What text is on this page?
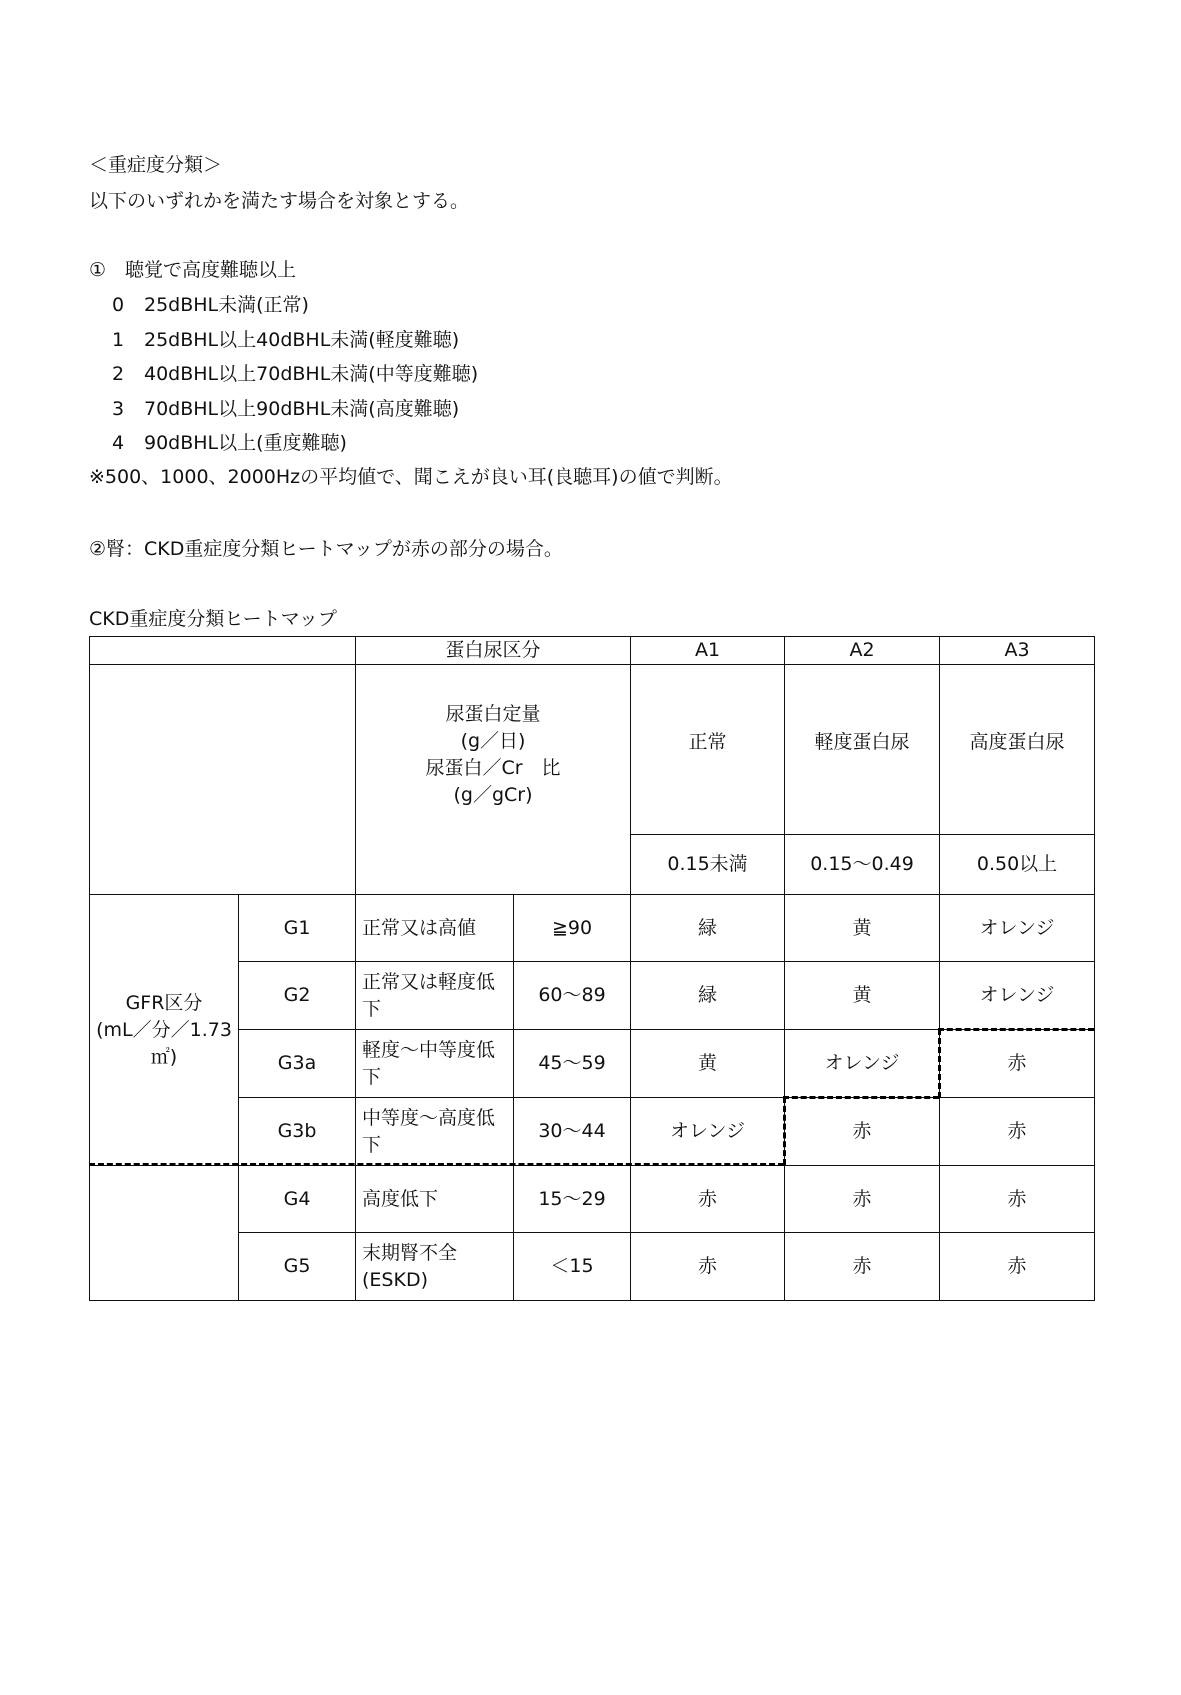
＜重症度分類＞
以下のいずれかを満たす場合を対象とする。
①　聴覚で高度難聴以上
0 25dBHL未満(正常)
1 25dBHL以上40dBHL未満(軽度難聴)
2 40dBHL以上70dBHL未満(中等度難聴)
3 70dBHL以上90dBHL未満(高度難聴)
4 90dBHL以上(重度難聴)
※500、1000、2000Hzの平均値で、聞こえが良い耳(良聴耳)の値で判断。
②腎：CKD重症度分類ヒートマップが赤の部分の場合。
CKD重症度分類ヒートマップ
		蛋白尿区分		A1	A2	A3

		尿蛋白定量
(g／日)
尿蛋白／Cr　比
(g／gCr)		正常	軽度蛋白尿	高度蛋白尿
				0.15未満	0.15～0.49	0.50以上

GFR区分
(mL／分／1.73
㎡)	G1	正常又は高値	≧90	緑	黄	オレンジ
	G2	正常又は軽度低下	60～89	緑	黄	オレンジ
	G3a	軽度～中等度低下	45～59	黄	オレンジ	赤
	G3b	中等度～高度低下	30～44	オレンジ	赤	赤
	G4	高度低下	15～29	赤	赤	赤
	G5	末期腎不全(ESKD)	＜15	赤	赤	赤
